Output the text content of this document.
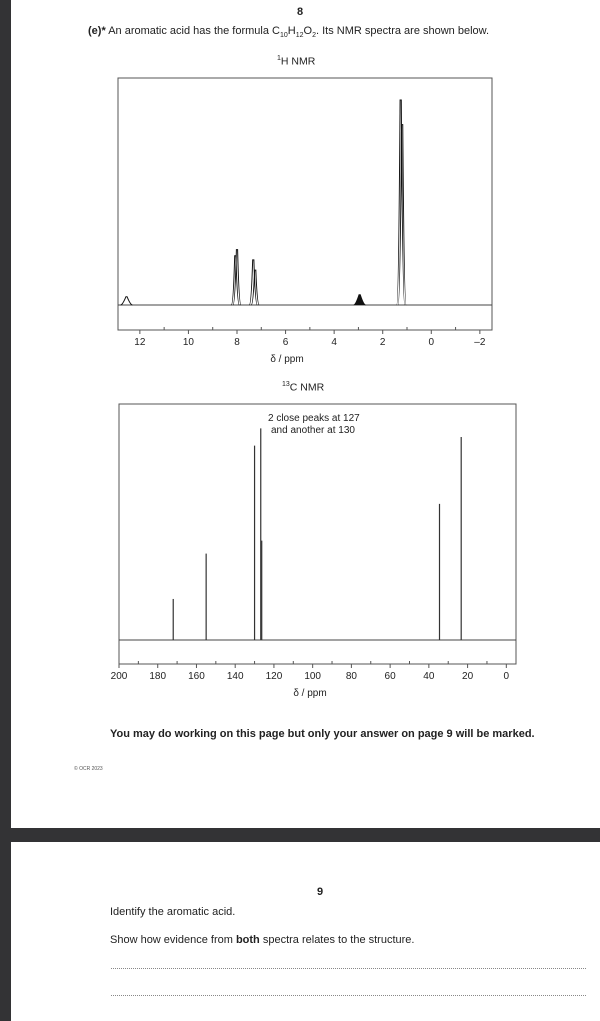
8
(e)* An aromatic acid has the formula $C_{10}H_{12}O_2$. Its NMR spectra are shown below.
$^1$H NMR
12	10	8	6	4	2	0	–2
δ / ppm
$^{13}$C NMR
200 180 160 140 120 100 80	60	40	20	0
δ / ppm
2 close peaks at 127
and another at 130
You may do working on this page but only your answer on page 9 will be marked.
© OCR 2023
9
Identify the aromatic acid.
Show how evidence from both spectra relates to the structure.
